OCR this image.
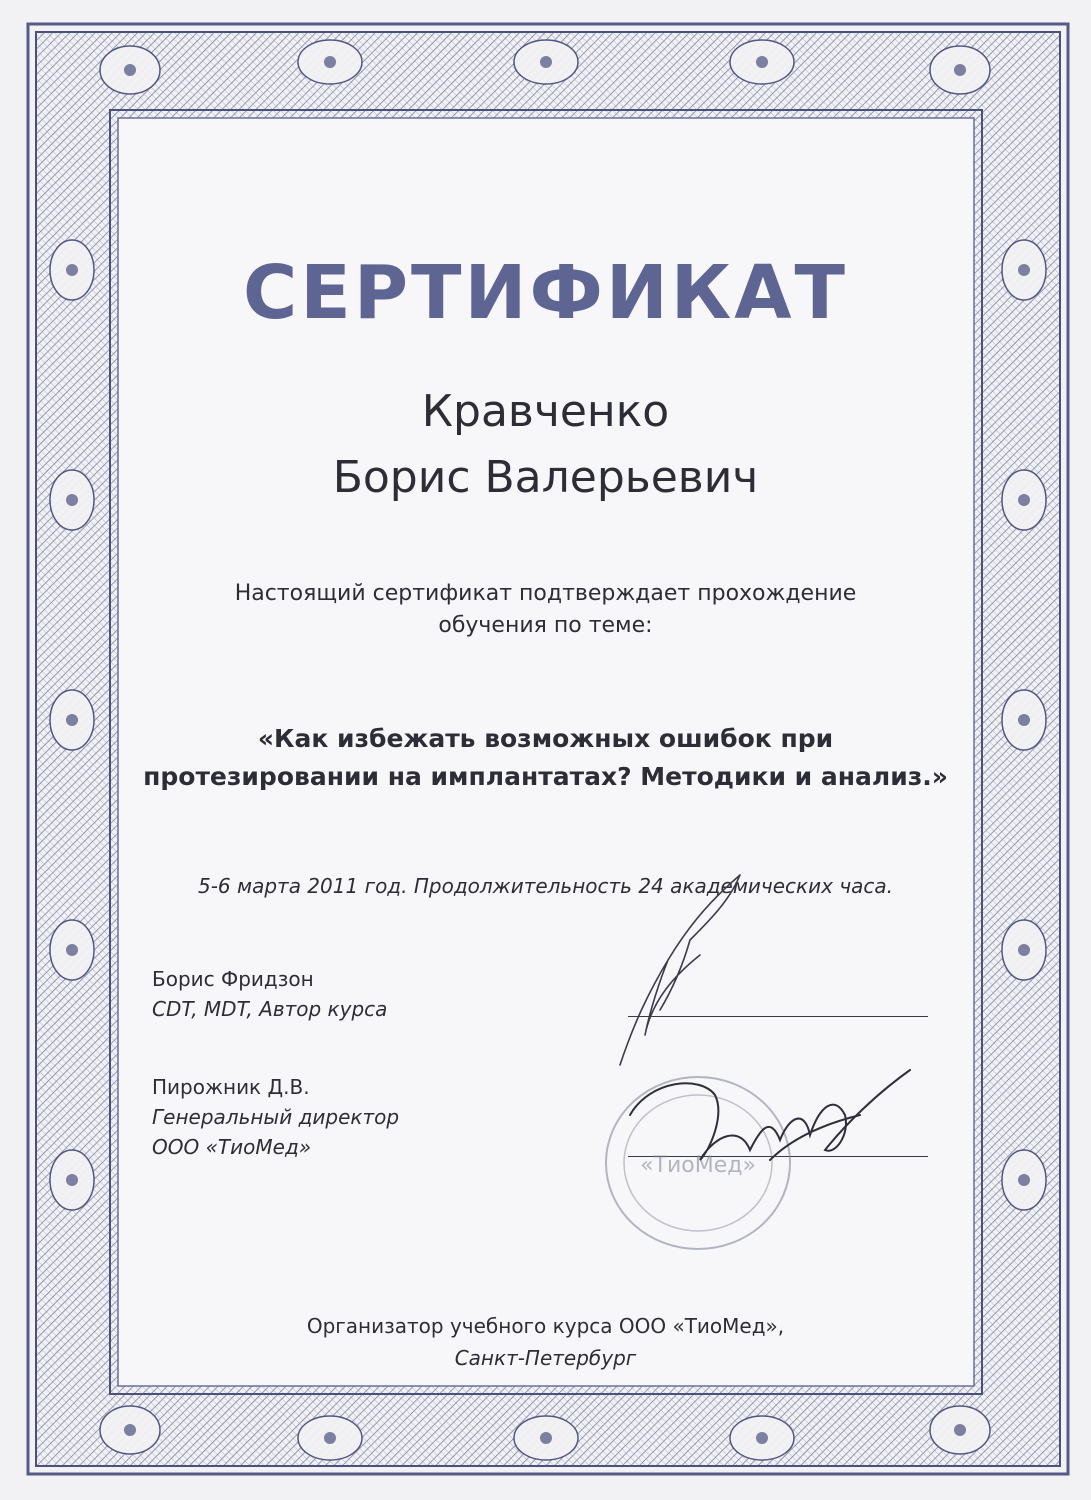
СЕРТИФИКАТ
Кравченко
Борис Валерьевич
Настоящий сертификат подтверждает прохождение
обучения по теме:
«Как избежать возможных ошибок при
протезировании на имплантатах? Методики и анализ.»
5-6 марта 2011 год. Продолжительность 24 академических часа.
Борис Фридзон
CDT, MDT, Автор курса
Пирожник Д.В.
Генеральный директор
ООО «ТиоМед»
«ТиоМед»
Организатор учебного курса ООО «ТиоМед»,
Санкт-Петербург
